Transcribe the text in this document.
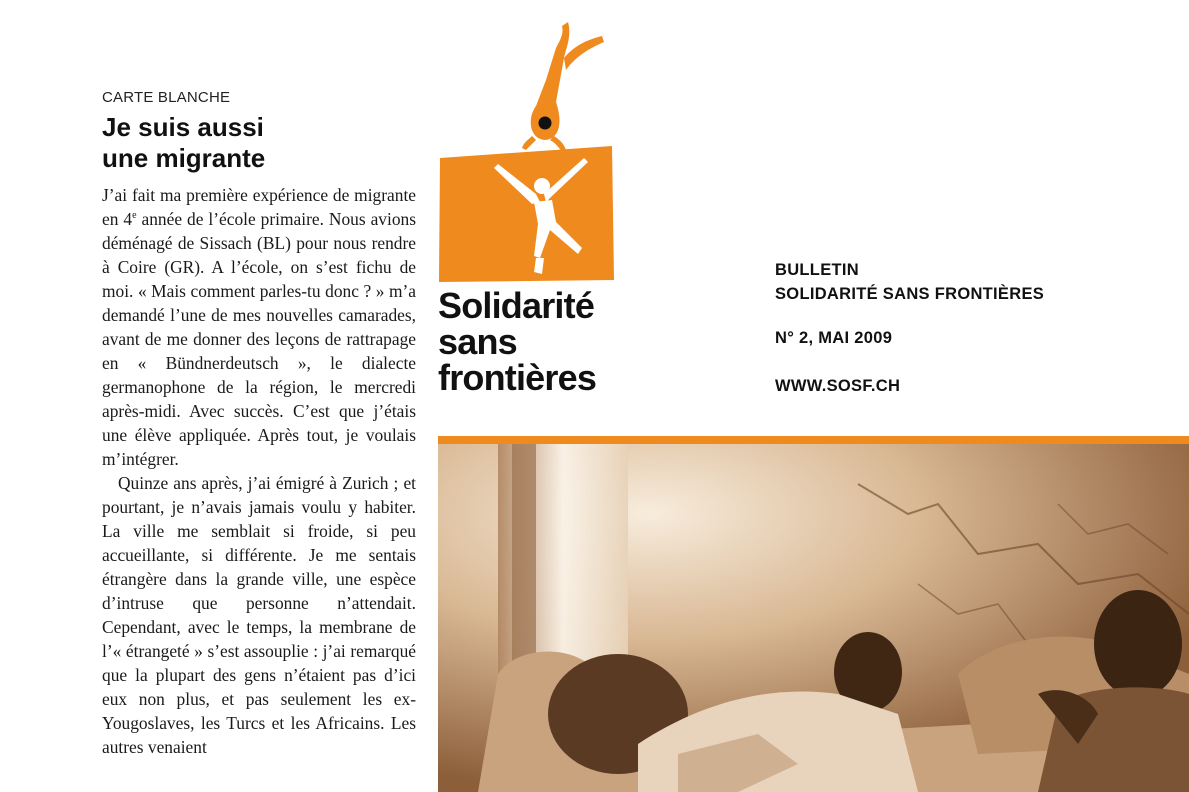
CARTE BLANCHE
Je suis aussi
une migrante

J’ai fait ma première expérience de migrante en 4e année de l’école primaire. Nous avions déménagé de Sissach (BL) pour nous rendre à Coire (GR). A l’école, on s’est fichu de moi. « Mais comment parles-tu donc ? » m’a demandé l’une de mes nouvelles camarades, avant de me donner des leçons de rattrapage en « Bündnerdeutsch », le dialecte germanophone de la région, le mercredi après-midi. Avec succès. C’est que j’étais une élève appliquée. Après tout, je voulais m’intégrer.

Quinze ans après, j’ai émigré à Zurich ; et pourtant, je n’avais jamais voulu y habiter. La ville me semblait si froide, si peu accueillante, si différente. Je me sentais étrangère dans la grande ville, une espèce d’intruse que personne n’attendait. Cependant, avec le temps, la membrane de l’« étrangeté » s’est assouplie : j’ai remarqué que la plupart des gens n’étaient pas d’ici eux non plus, et pas seulement les ex-Yougoslaves, les Turcs et les Africains. Les autres venaient

Solidarité
sans
frontières
BULLETIN
SOLIDARITÉ SANS FRONTIÈRES
N° 2, MAI 2009
WWW.SOSF.CH
